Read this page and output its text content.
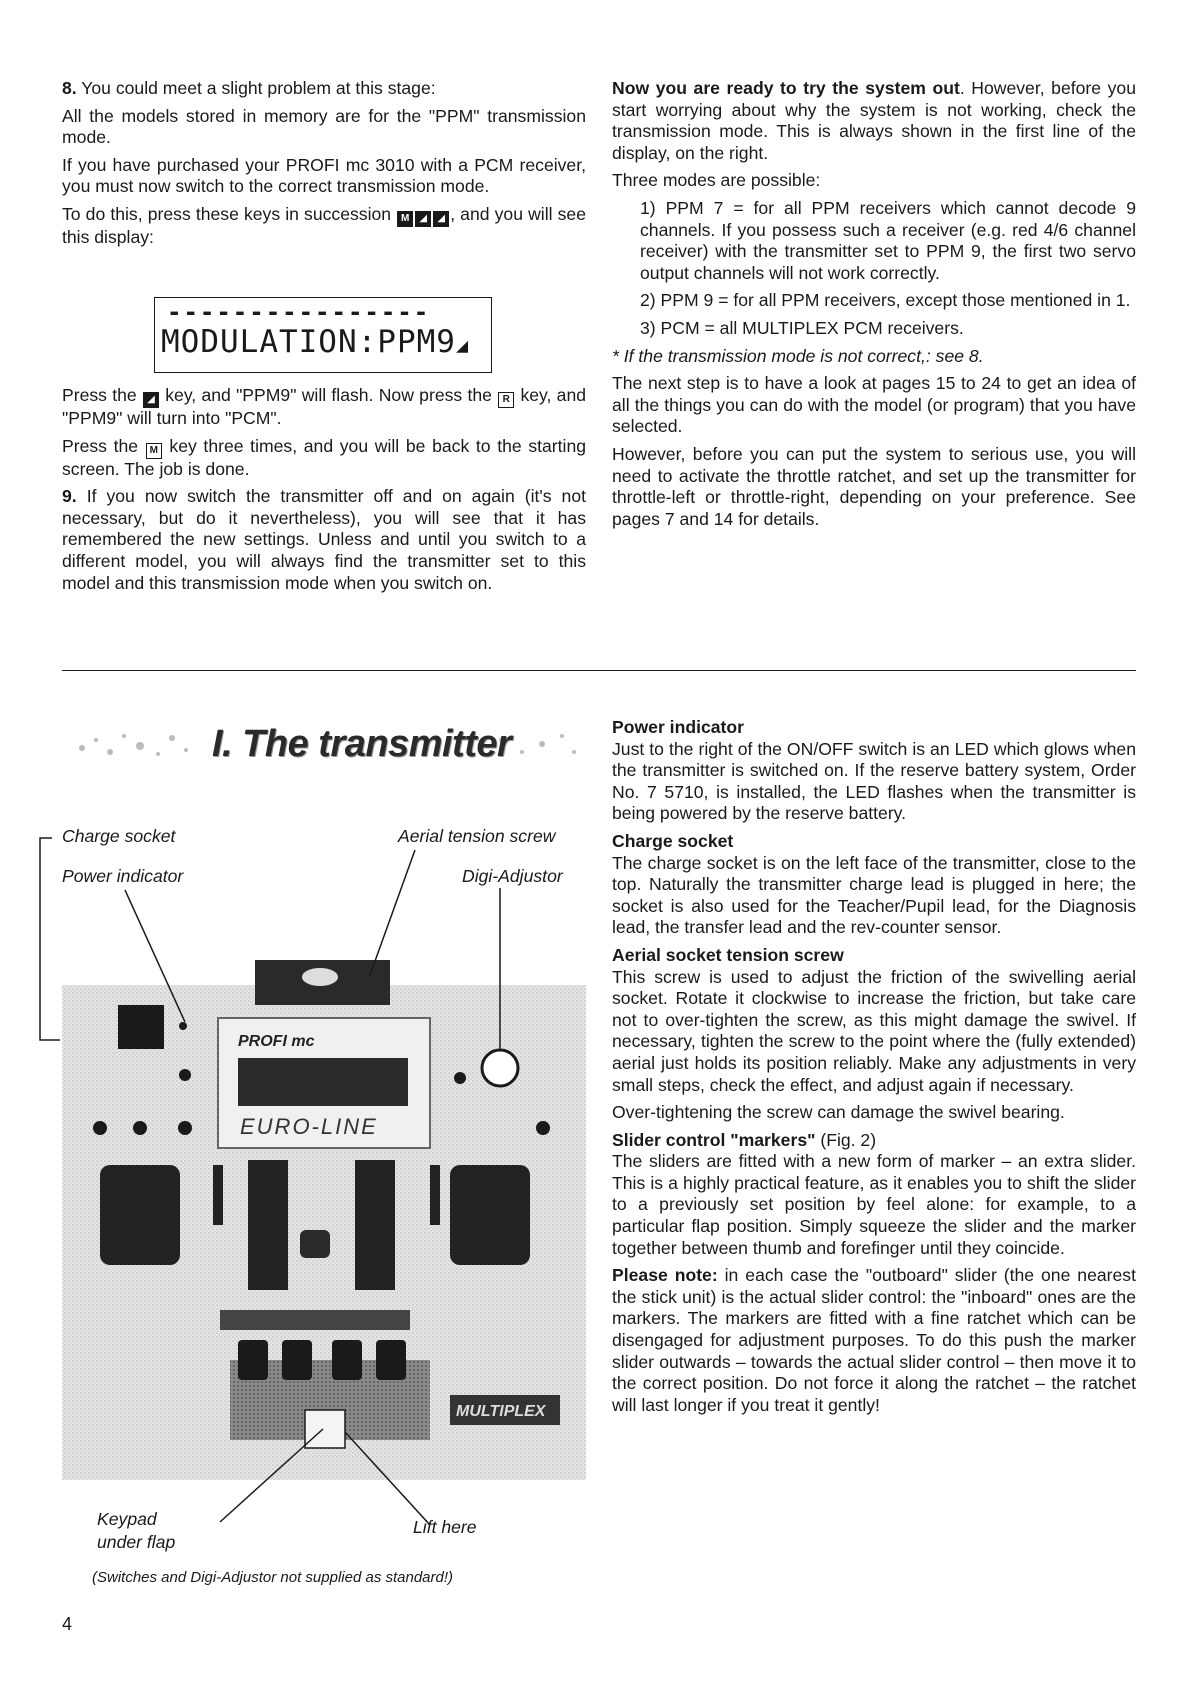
8. You could meet a slight problem at this stage:

All the models stored in memory are for the "PPM" transmission mode.

If you have purchased your PROFI mc 3010 with a PCM receiver, you must now switch to the correct transmission mode.

To do this, press these keys in succession M ◢ ◢ , and you will see this display:

----------------
MODULATION:PPM9◢

Press the ◢ key, and "PPM9" will flash. Now press the R key, and "PPM9" will turn into "PCM".

Press the M key three times, and you will be back to the starting screen. The job is done.

9. If you now switch the transmitter off and on again (it's not necessary, but do it nevertheless), you will see that it has remembered the new settings. Unless and until you switch to a different model, you will always find the transmitter set to this model and this transmission mode when you switch on.

Now you are ready to try the system out. However, before you start worrying about why the system is not working, check the transmission mode. This is always shown in the first line of the display, on the right.

Three modes are possible:

1) PPM 7 = for all PPM receivers which cannot decode 9 channels. If you possess such a receiver (e.g. red 4/6 channel receiver) with the transmitter set to PPM 9, the first two servo output channels will not work correctly.

2) PPM 9 = for all PPM receivers, except those mentioned in 1.

3) PCM = all MULTIPLEX PCM receivers.

* If the transmission mode is not correct,: see 8.

The next step is to have a look at pages 15 to 24 to get an idea of all the things you can do with the model (or program) that you have selected.

However, before you can put the system to serious use, you will need to activate the throttle ratchet, and set up the transmitter for throttle-left or throttle-right, depending on your preference. See pages 7 and 14 for details.

I. The transmitter
Charge socket
Power indicator
Aerial tension screw
Digi-Adjustor
Keypad
under flap
Lift here
PROFI mc
EURO-LINE
MULTIPLEX
(Switches and Digi-Adjustor not supplied as standard!)
Power indicator

Just to the right of the ON/OFF switch is an LED which glows when the transmitter is switched on. If the reserve battery system, Order No. 7 5710, is installed, the LED flashes when the transmitter is being powered by the reserve battery.

Charge socket

The charge socket is on the left face of the transmitter, close to the top. Naturally the transmitter charge lead is plugged in here; the socket is also used for the Teacher/Pupil lead, for the Diagnosis lead, the transfer lead and the rev-counter sensor.

Aerial socket tension screw

This screw is used to adjust the friction of the swivelling aerial socket. Rotate it clockwise to increase the friction, but take care not to over-tighten the screw, as this might damage the swivel. If necessary, tighten the screw to the point where the (fully extended) aerial just holds its position reliably. Make any adjustments in very small steps, check the effect, and adjust again if necessary.

Over-tightening the screw can damage the swivel bearing.

Slider control "markers" (Fig. 2)

The sliders are fitted with a new form of marker – an extra slider. This is a highly practical feature, as it enables you to shift the slider to a previously set position by feel alone: for example, to a particular flap position. Simply squeeze the slider and the marker together between thumb and forefinger until they coincide.

Please note: in each case the "outboard" slider (the one nearest the stick unit) is the actual slider control: the "inboard" ones are the markers. The markers are fitted with a fine ratchet which can be disengaged for adjustment purposes. To do this push the marker slider outwards – towards the actual slider control – then move it to the correct position. Do not force it along the ratchet – the ratchet will last longer if you treat it gently!

4
